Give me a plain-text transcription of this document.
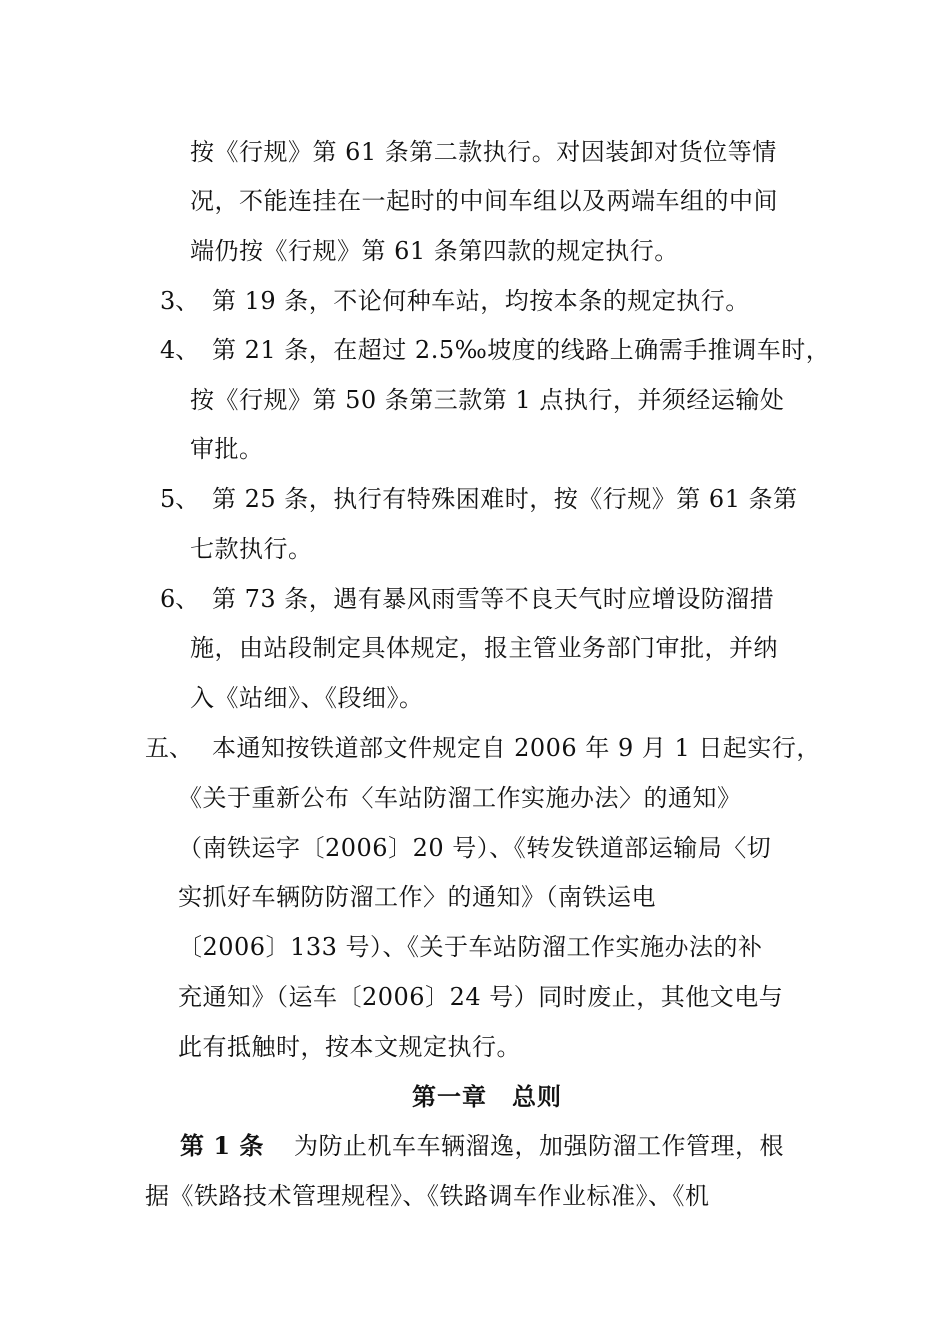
按《行规》第 61 条第二款执行。对因装卸对货位等情
况，不能连挂在一起时的中间车组以及两端车组的中间
端仍按《行规》第 61 条第四款的规定执行。
3、 第 19 条，不论何种车站，均按本条的规定执行。
4、 第 21 条，在超过 2.5‰坡度的线路上确需手推调车时，
按《行规》第 50 条第三款第 1 点执行，并须经运输处
审批。
5、 第 25 条，执行有特殊困难时，按《行规》第 61 条第
七款执行。
6、 第 73 条，遇有暴风雨雪等不良天气时应增设防溜措
施，由站段制定具体规定，报主管业务部门审批，并纳
入《站细》、《段细》。
五、 本通知按铁道部文件规定自 2006 年 9 月 1 日起实行，
《关于重新公布〈车站防溜工作实施办法〉的通知》
（南铁运字〔2006〕20 号）、《转发铁道部运输局〈切
实抓好车辆防防溜工作〉的通知》（南铁运电
〔2006〕133 号）、《关于车站防溜工作实施办法的补
充通知》（运车〔2006〕24 号）同时废止，其他文电与
此有抵触时，按本文规定执行。
第一章　总则
第 1 条 为防止机车车辆溜逸，加强防溜工作管理，根
据《铁路技术管理规程》、《铁路调车作业标准》、《机
